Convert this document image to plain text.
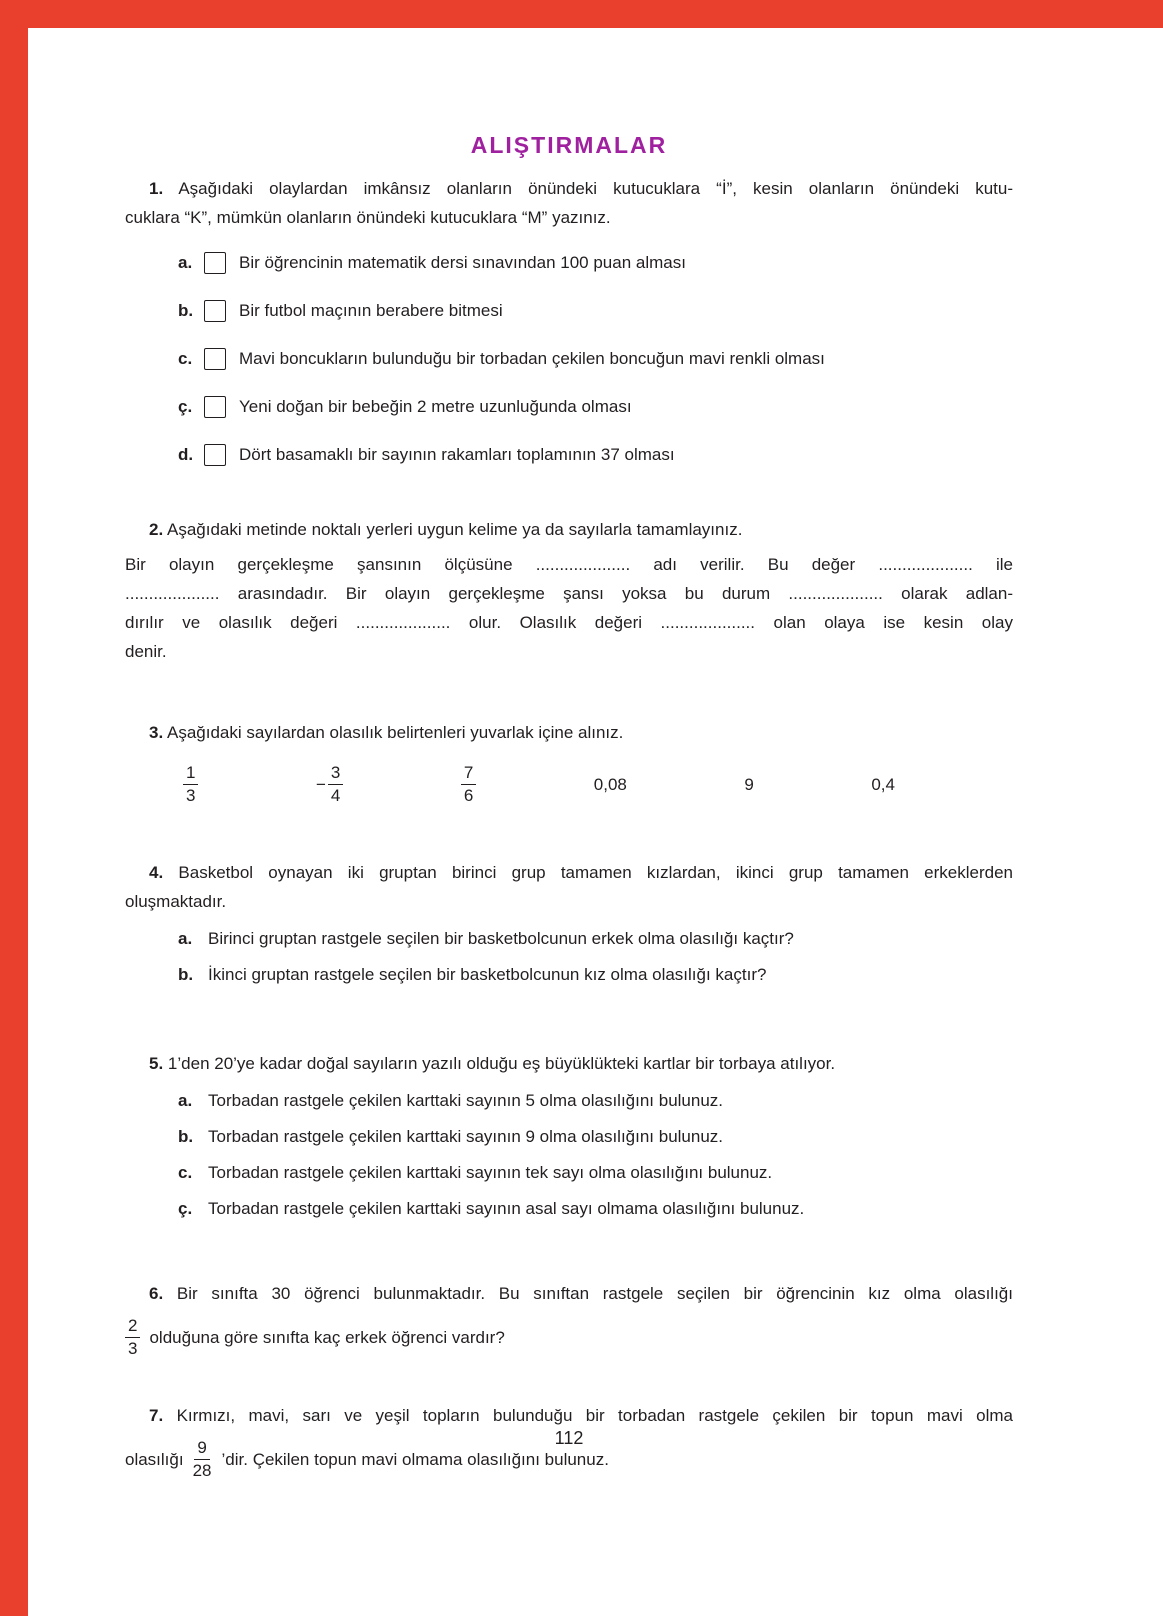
ALIŞTIRMALAR
1. Aşağıdaki olaylardan imkânsız olanların önündeki kutucuklara “İ”, kesin olanların önündeki kutu-
cuklara “K”, mümkün olanların önündeki kutucuklara “M” yazınız.
a.	Bir öğrencinin matematik dersi sınavından 100 puan alması
b.	Bir futbol maçının berabere bitmesi
c.	Mavi boncukların bulunduğu bir torbadan çekilen boncuğun mavi renkli olması
ç.	Yeni doğan bir bebeğin 2 metre uzunluğunda olması
d.	Dört basamaklı bir sayının rakamları toplamının 37 olması
2. Aşağıdaki metinde noktalı yerleri uygun kelime ya da sayılarla tamamlayınız.
Bir olayın gerçekleşme şansının ölçüsüne .................... adı verilir. Bu değer .................... ile
.................... arasındadır. Bir olayın gerçekleşme şansı yoksa bu durum .................... olarak adlan-
dırılır ve olasılık değeri .................... olur. Olasılık değeri .................... olan olaya ise kesin olay
denir.
3. Aşağıdaki sayılardan olasılık belirtenleri yuvarlak içine alınız.
$\frac{1}{3}$	− $\frac{3}{4}$	$\frac{7}{6}$	0,08	9	0,4
4. Basketbol oynayan iki gruptan birinci grup tamamen kızlardan, ikinci grup tamamen erkeklerden
oluşmaktadır.
a. Birinci gruptan rastgele seçilen bir basketbolcunun erkek olma olasılığı kaçtır?
b. İkinci gruptan rastgele seçilen bir basketbolcunun kız olma olasılığı kaçtır?
5. 1’den 20’ye kadar doğal sayıların yazılı olduğu eş büyüklükteki kartlar bir torbaya atılıyor.
a. Torbadan rastgele çekilen karttaki sayının 5 olma olasılığını bulunuz.
b. Torbadan rastgele çekilen karttaki sayının 9 olma olasılığını bulunuz.
c. Torbadan rastgele çekilen karttaki sayının tek sayı olma olasılığını bulunuz.
ç. Torbadan rastgele çekilen karttaki sayının asal sayı olmama olasılığını bulunuz.
6. Bir sınıfta 30 öğrenci bulunmaktadır. Bu sınıftan rastgele seçilen bir öğrencinin kız olma olasılığı
$\frac{2}{3}$ olduğuna göre sınıfta kaç erkek öğrenci vardır?
7. Kırmızı, mavi, sarı ve yeşil topların bulunduğu bir torbadan rastgele çekilen bir topun mavi olma
olasılığı $\frac{9}{28}$ ’dir. Çekilen topun mavi olmama olasılığını bulunuz.
112
